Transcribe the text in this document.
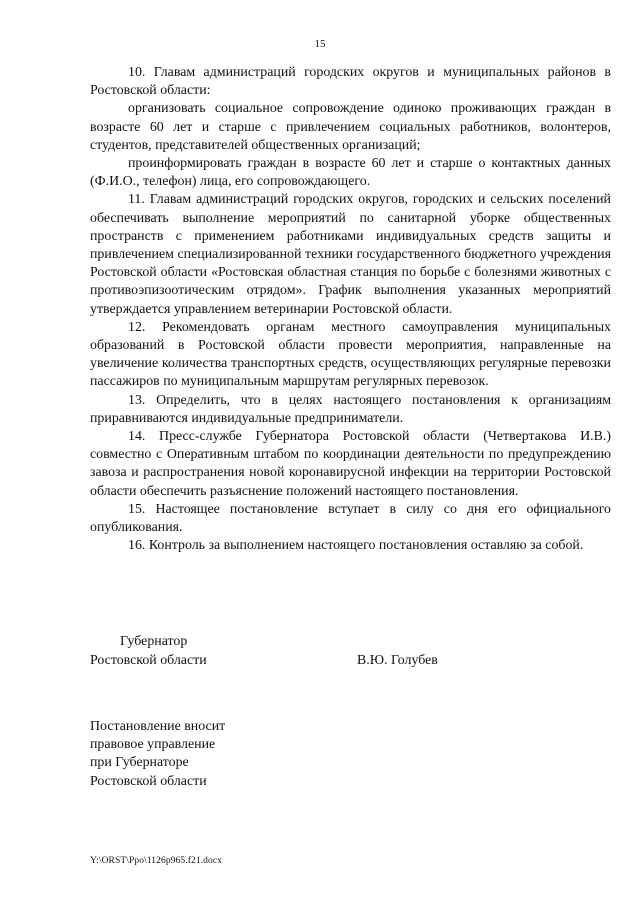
15

10. Главам администраций городских округов и муниципальных районов в Ростовской области:

организовать социальное сопровождение одиноко проживающих граждан в возрасте 60 лет и старше с привлечением социальных работников, волонтеров, студентов, представителей общественных организаций;

проинформировать граждан в возрасте 60 лет и старше о контактных данных (Ф.И.О., телефон) лица, его сопровождающего.

11. Главам администраций городских округов, городских и сельских поселений обеспечивать выполнение мероприятий по санитарной уборке общественных пространств с применением работниками индивидуальных средств защиты и привлечением специализированной техники государственного бюджетного учреждения Ростовской области «Ростовская областная станция по борьбе с болезнями животных с противоэпизоотическим отрядом». График выполнения указанных мероприятий утверждается управлением ветеринарии Ростовской области.

12. Рекомендовать органам местного самоуправления муниципальных образований в Ростовской области провести мероприятия, направленные на увеличение количества транспортных средств, осуществляющих регулярные перевозки пассажиров по муниципальным маршрутам регулярных перевозок.

13. Определить, что в целях настоящего постановления к организациям приравниваются индивидуальные предприниматели.

14. Пресс-службе Губернатора Ростовской области (Четвертакова И.В.) совместно с Оперативным штабом по координации деятельности по предупреждению завоза и распространения новой коронавирусной инфекции на территории Ростовской области обеспечить разъяснение положений настоящего постановления.

15. Настоящее постановление вступает в силу со дня его официального опубликования.

16. Контроль за выполнением настоящего постановления оставляю за собой.

Губернатор

Ростовской области	В.Ю. Голубев

Постановление вносит

правовое управление

при Губернаторе

Ростовской области

Y:\ORST\Ppo\1126p965.f21.docx
